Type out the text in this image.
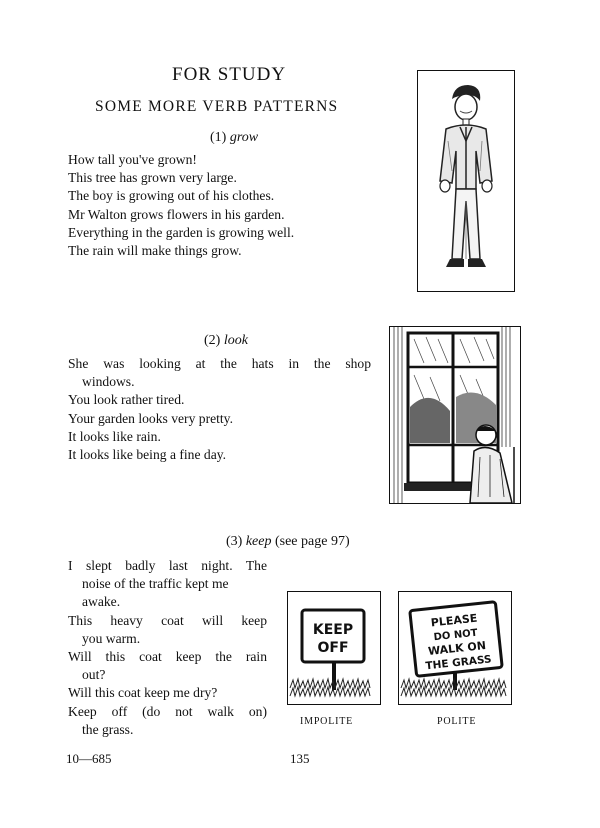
FOR STUDY
SOME MORE VERB PATTERNS
(1) grow
How tall you've grown!
This tree has grown very large.
The boy is growing out of his clothes.
Mr Walton grows flowers in his garden.
Everything in the garden is growing well.
The rain will make things grow.
(2) look
She was looking at the hats in the shop
windows.
You look rather tired.
Your garden looks very pretty.
It looks like rain.
It looks like being a fine day.
(3) keep (see page 97)
I slept badly last night. The
noise of the traffic kept me
awake.
This heavy coat will keep
you warm.
Will this coat keep the rain
out?
Will this coat keep me dry?
Keep off (do not walk on)
the grass.
KEEP
OFF
IMPOLITE
PLEASE
DO NOT
WALK ON
THE GRASS
POLITE
10—685	135
